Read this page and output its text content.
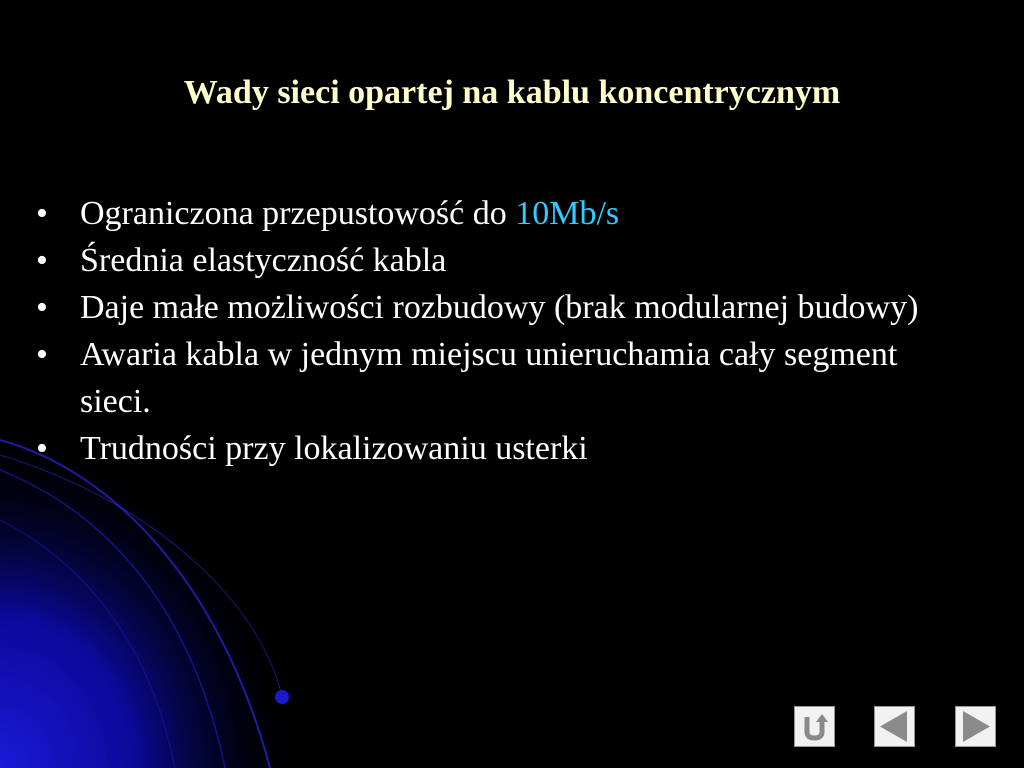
Wady sieci opartej na kablu koncentrycznym
• Ograniczona przepustowość do 10Mb/s
• Średnia elastyczność kabla
• Daje małe możliwości rozbudowy (brak modularnej budowy)
• Awaria kabla w jednym miejscu unieruchamia cały segment sieci.
• Trudności przy lokalizowaniu usterki
